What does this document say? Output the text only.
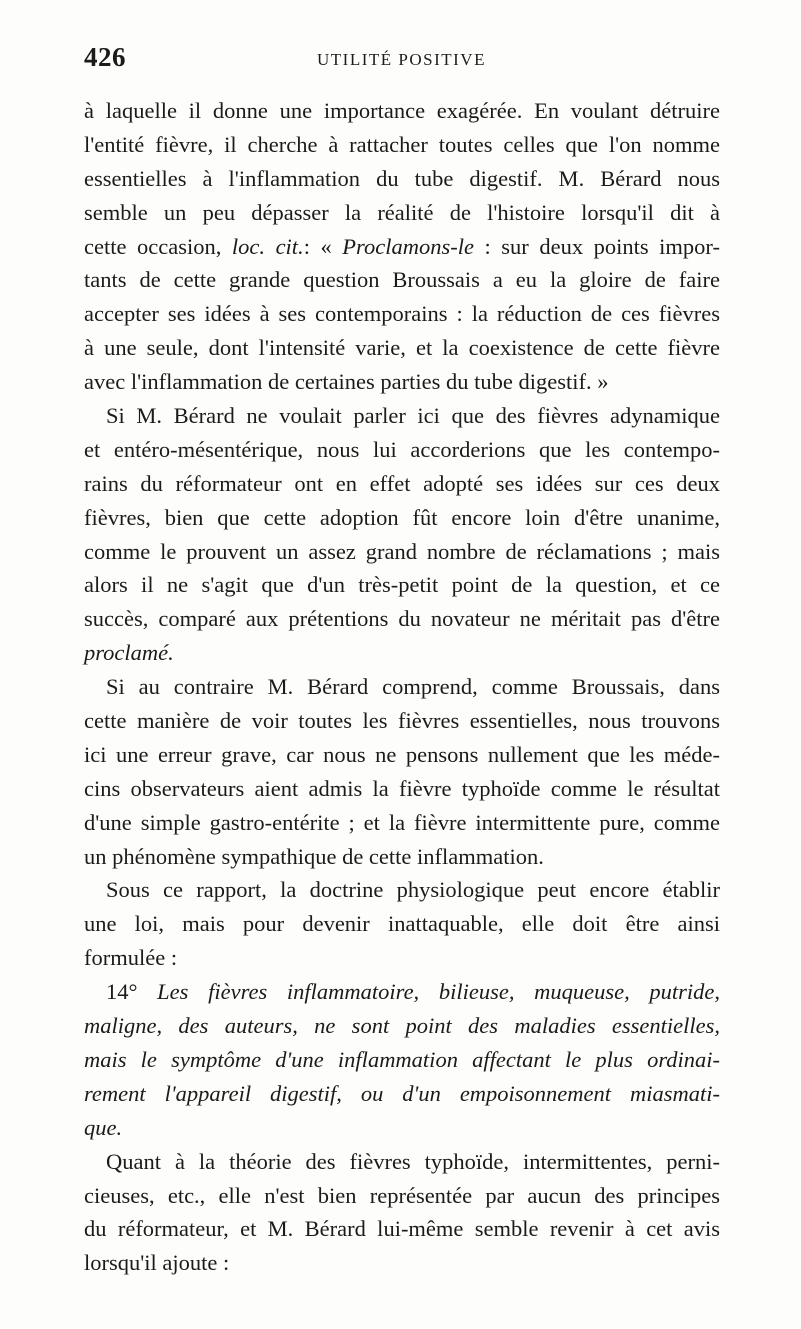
426	UTILITÉ POSITIVE
à laquelle il donne une importance exagérée. En voulant détruire
l'entité fièvre, il cherche à rattacher toutes celles que l'on nomme
essentielles à l'inflammation du tube digestif. M. Bérard nous
semble un peu dépasser la réalité de l'histoire lorsqu'il dit à
cette occasion, loc. cit.: « Proclamons-le : sur deux points impor-
tants de cette grande question Broussais a eu la gloire de faire
accepter ses idées à ses contemporains : la réduction de ces fièvres
à une seule, dont l'intensité varie, et la coexistence de cette fièvre
avec l'inflammation de certaines parties du tube digestif. »
Si M. Bérard ne voulait parler ici que des fièvres adynamique
et entéro-mésentérique, nous lui accorderions que les contempo-
rains du réformateur ont en effet adopté ses idées sur ces deux
fièvres, bien que cette adoption fût encore loin d'être unanime,
comme le prouvent un assez grand nombre de réclamations ; mais
alors il ne s'agit que d'un très-petit point de la question, et ce
succès, comparé aux prétentions du novateur ne méritait pas d'être
proclamé.
Si au contraire M. Bérard comprend, comme Broussais, dans
cette manière de voir toutes les fièvres essentielles, nous trouvons
ici une erreur grave, car nous ne pensons nullement que les méde-
cins observateurs aient admis la fièvre typhoïde comme le résultat
d'une simple gastro-entérite ; et la fièvre intermittente pure, comme
un phénomène sympathique de cette inflammation.
Sous ce rapport, la doctrine physiologique peut encore établir
une loi, mais pour devenir inattaquable, elle doit être ainsi
formulée :
14° Les fièvres inflammatoire, bilieuse, muqueuse, putride,
maligne, des auteurs, ne sont point des maladies essentielles,
mais le symptôme d'une inflammation affectant le plus ordinai-
rement l'appareil digestif, ou d'un empoisonnement miasmati-
que.
Quant à la théorie des fièvres typhoïde, intermittentes, perni-
cieuses, etc., elle n'est bien représentée par aucun des principes
du réformateur, et M. Bérard lui-même semble revenir à cet avis
lorsqu'il ajoute :
